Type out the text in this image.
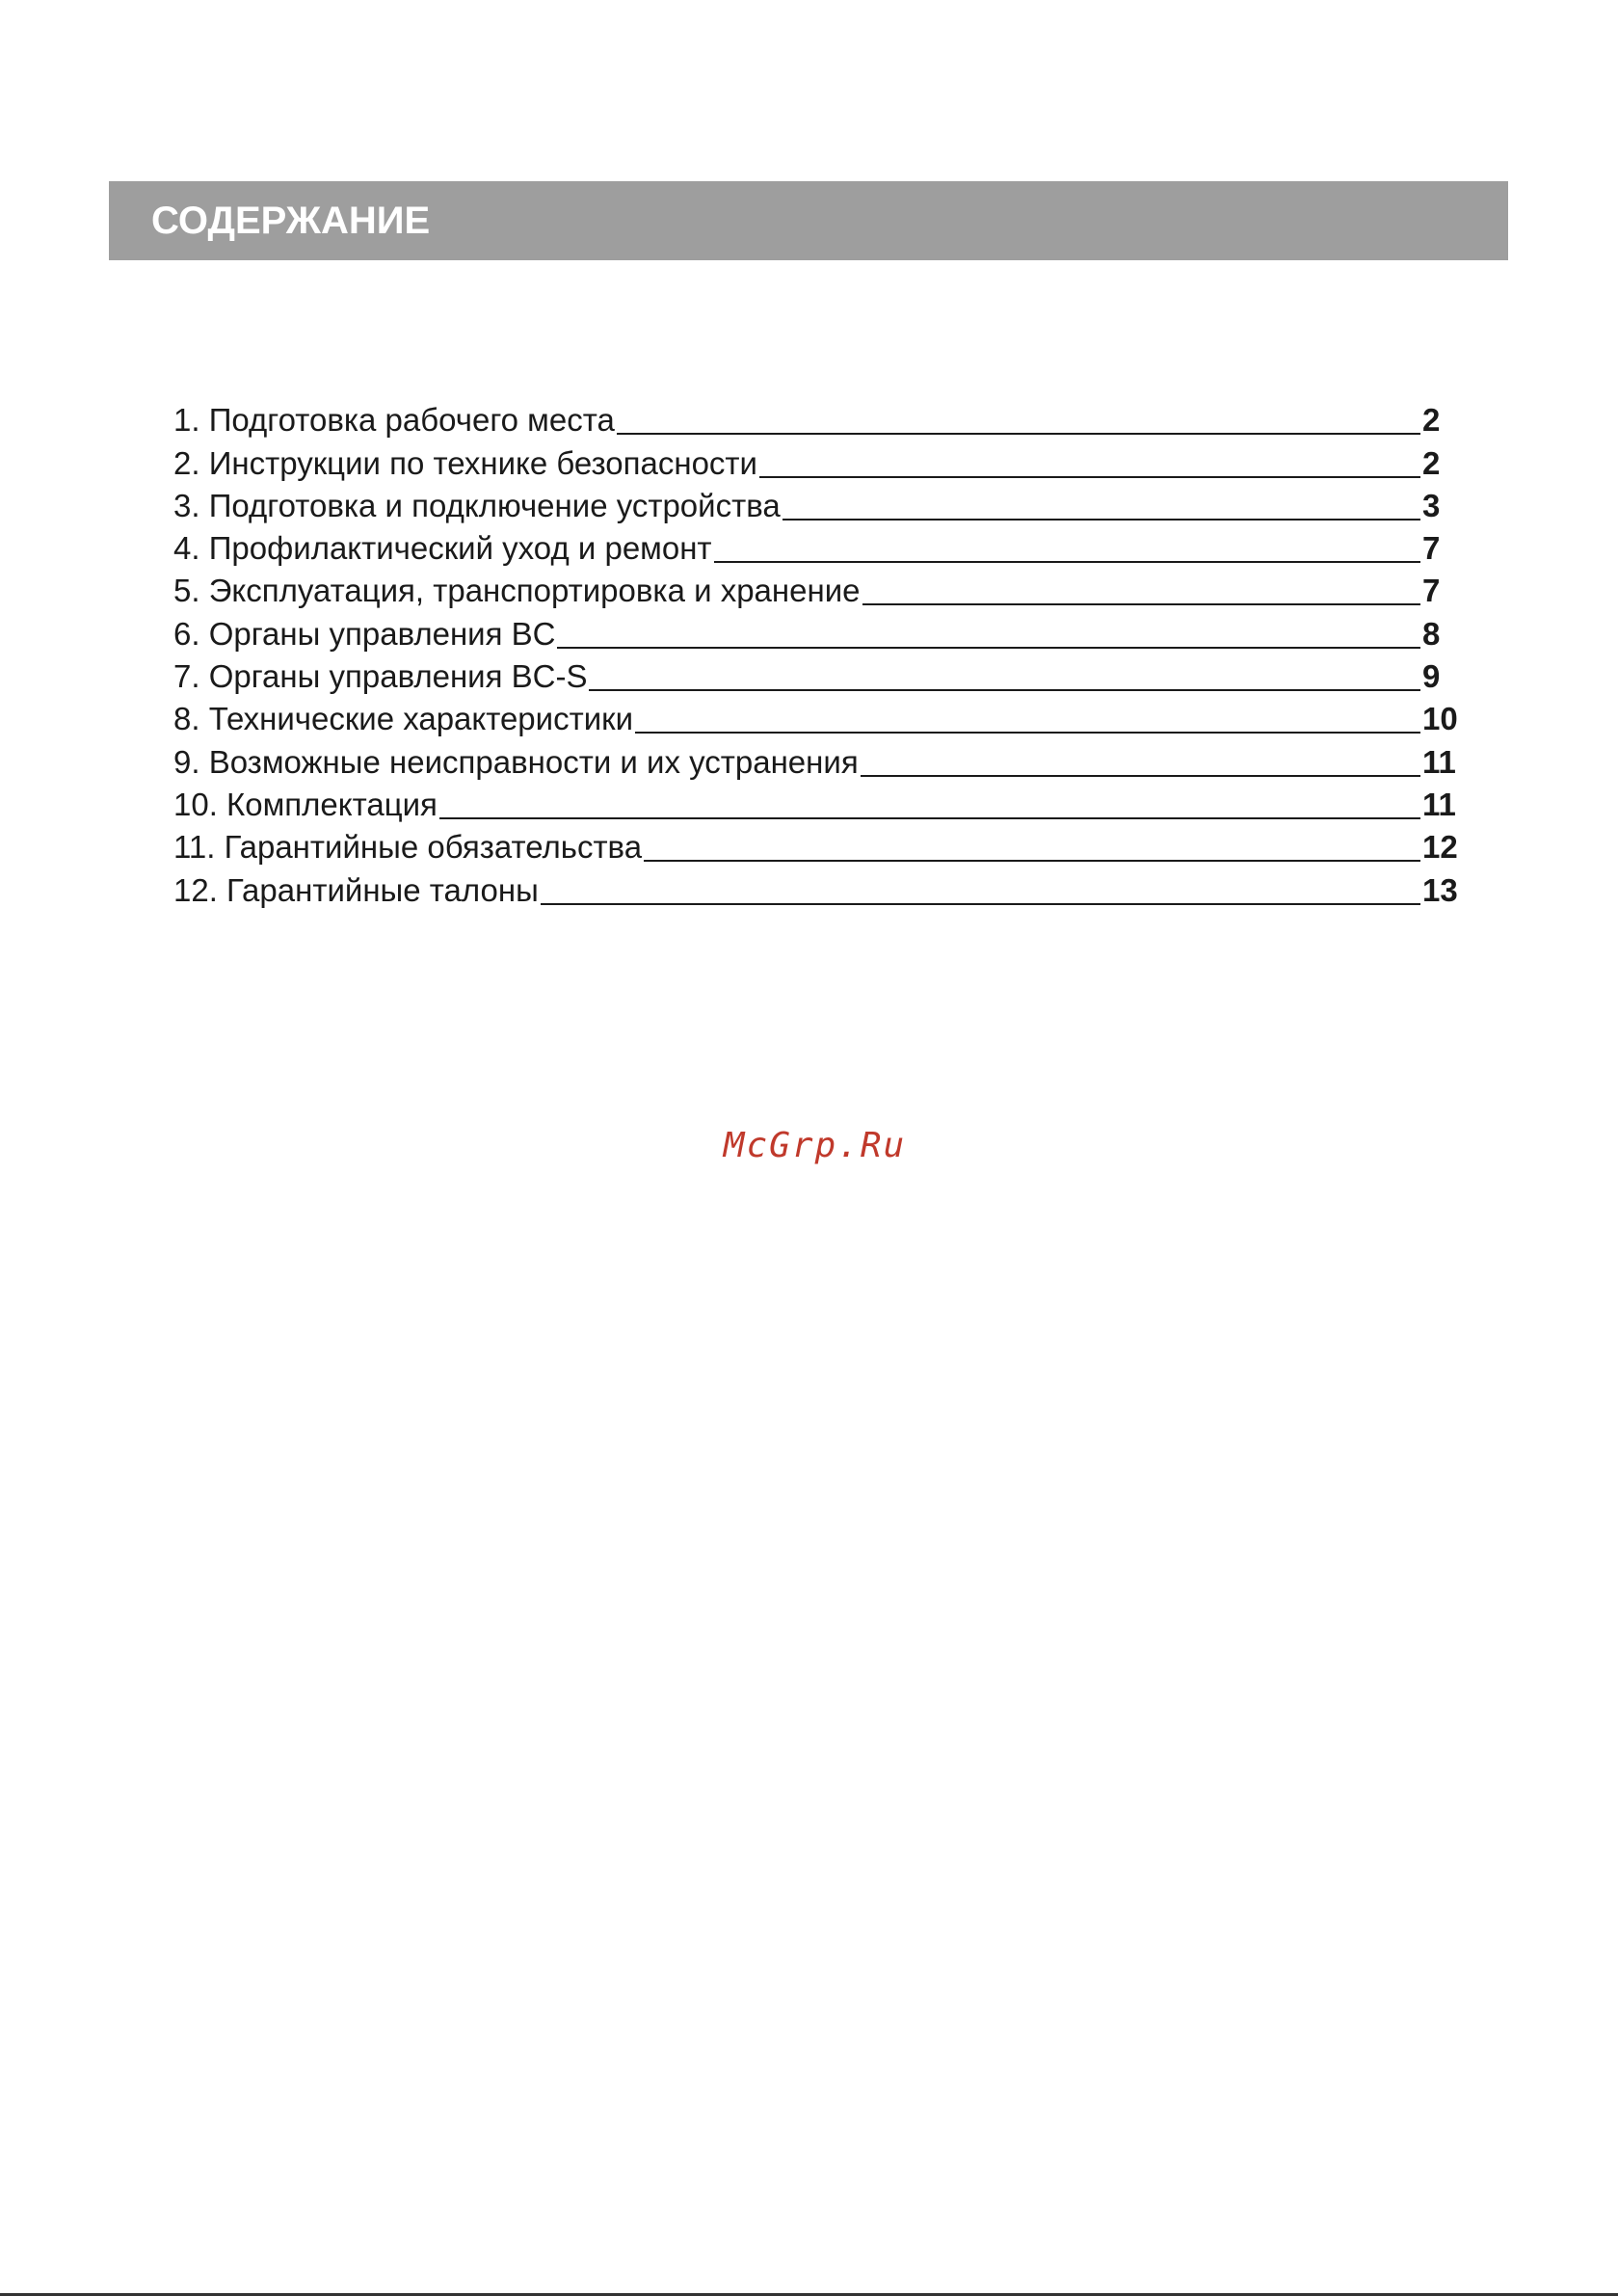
СОДЕРЖАНИЕ
1. Подготовка рабочего места	2
2. Инструкции по технике безопасности	2
3. Подготовка и подключение устройства	3
4. Профилактический уход и ремонт	7
5. Эксплуатация, транспортировка и хранение	7
6. Органы управления BC	8
7. Органы управления BC-S	9
8. Технические характеристики	10
9. Возможные неисправности и их устранения	11
10. Комплектация	11
11. Гарантийные обязательства	12
12. Гарантийные талоны	13
McGrp.Ru
